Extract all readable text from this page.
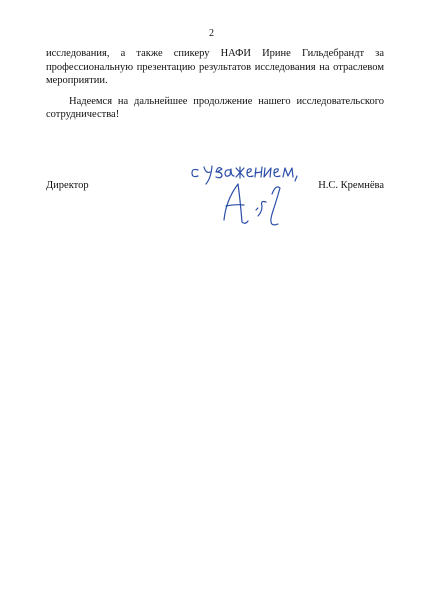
2

исследования, а также спикеру НАФИ Ирине Гильдебрандт за профессиональную презентацию результатов исследования на отраслевом мероприятии.

Надеемся на дальнейшее продолжение нашего исследовательского сотрудничества!

Директор	Н.С. Кремнёва
